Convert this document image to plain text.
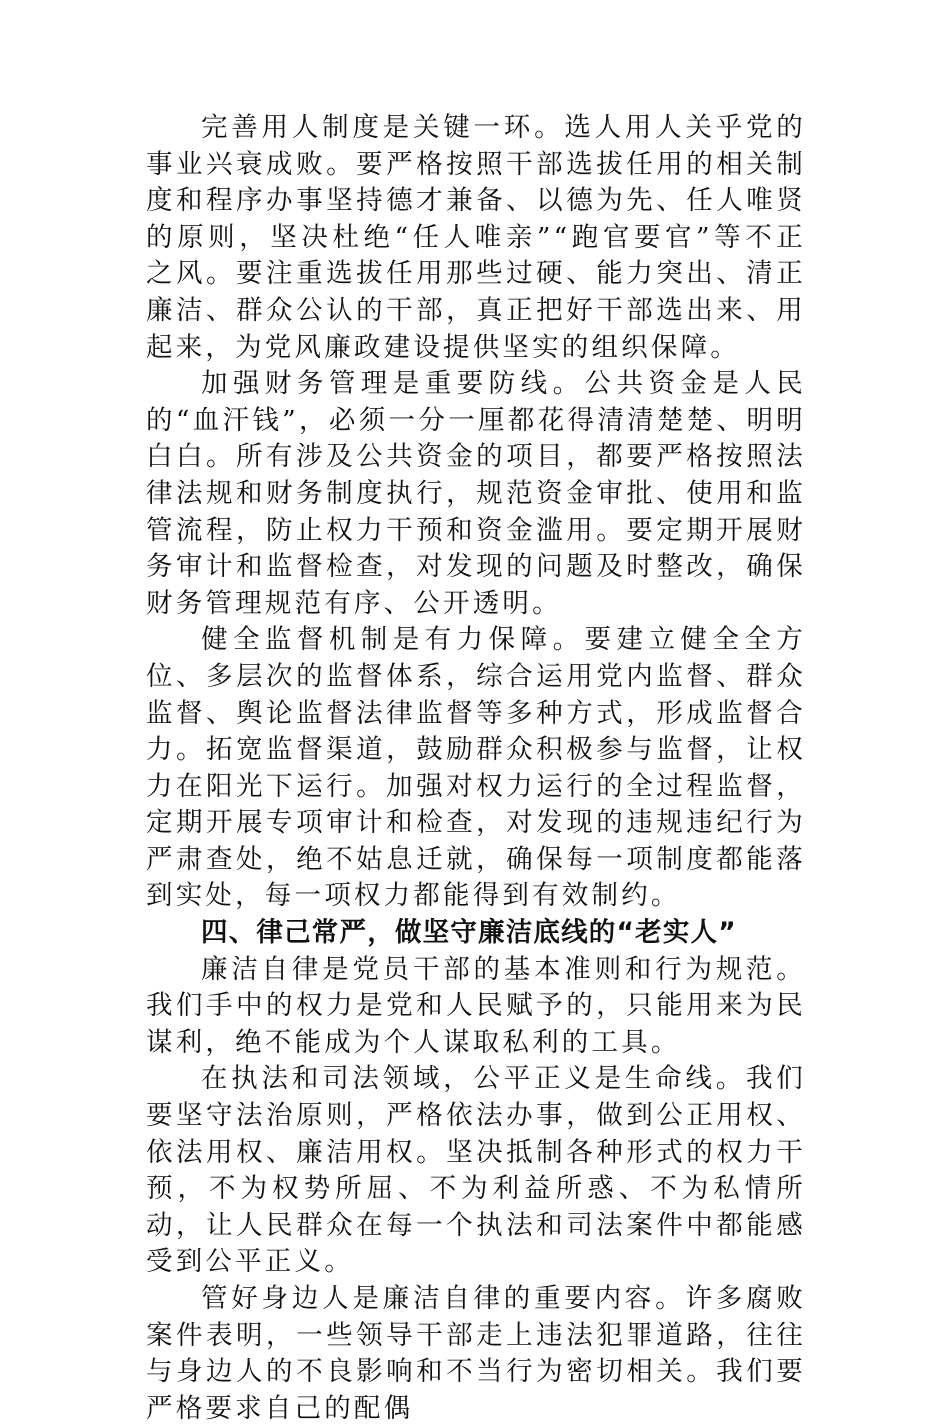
完善用人制度是关键一环。选人用人关乎党的事业兴衰成败。要严格按照干部选拔任用的相关制度和程序办事坚持德才兼备、以德为先、任人唯贤的原则，坚决杜绝“任人唯亲”“跑官要官”等不正之风。要注重选拔任用那些过硬、能力突出、清正廉洁、群众公认的干部，真正把好干部选出来、用起来，为党风廉政建设提供坚实的组织保障。

加强财务管理是重要防线。公共资金是人民的“血汗钱”，必须一分一厘都花得清清楚楚、明明白白。所有涉及公共资金的项目，都要严格按照法律法规和财务制度执行，规范资金审批、使用和监管流程，防止权力干预和资金滥用。要定期开展财务审计和监督检查，对发现的问题及时整改，确保财务管理规范有序、公开透明。

健全监督机制是有力保障。要建立健全全方位、多层次的监督体系，综合运用党内监督、群众监督、舆论监督法律监督等多种方式，形成监督合力。拓宽监督渠道，鼓励群众积极参与监督，让权力在阳光下运行。加强对权力运行的全过程监督，定期开展专项审计和检查，对发现的违规违纪行为严肃查处，绝不姑息迁就，确保每一项制度都能落到实处，每一项权力都能得到有效制约。

四、律己常严，做坚守廉洁底线的“老实人”

廉洁自律是党员干部的基本准则和行为规范。我们手中的权力是党和人民赋予的，只能用来为民谋利，绝不能成为个人谋取私利的工具。

在执法和司法领域，公平正义是生命线。我们要坚守法治原则，严格依法办事，做到公正用权、依法用权、廉洁用权。坚决抵制各种形式的权力干预，不为权势所屈、不为利益所惑、不为私情所动，让人民群众在每一个执法和司法案件中都能感受到公平正义。

管好身边人是廉洁自律的重要内容。许多腐败案件表明，一些领导干部走上违法犯罪道路，往往与身边人的不良影响和不当行为密切相关。我们要严格要求自己的配偶
